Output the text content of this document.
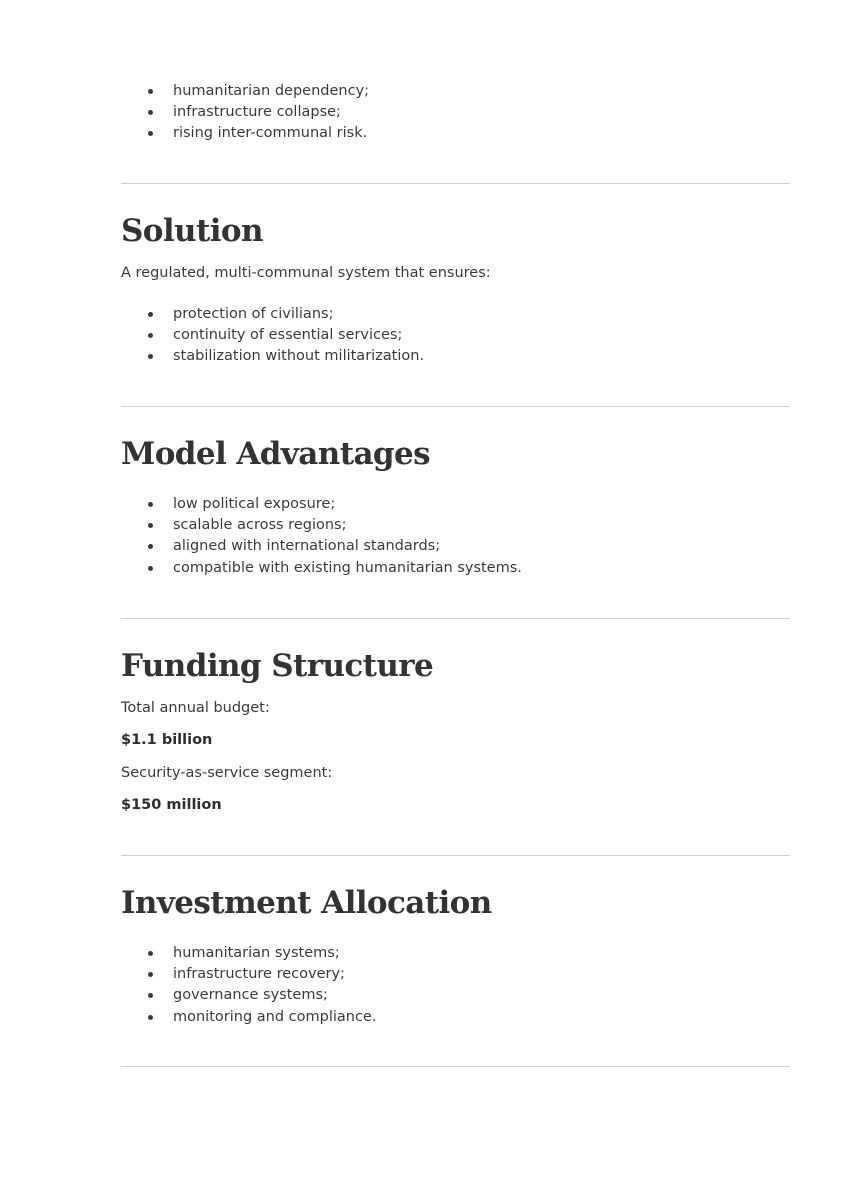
humanitarian dependency;
infrastructure collapse;
rising inter-communal risk.
Solution

A regulated, multi-communal system that ensures:

protection of civilians;
continuity of essential services;
stabilization without militarization.
Model Advantages
low political exposure;
scalable across regions;
aligned with international standards;
compatible with existing humanitarian systems.
Funding Structure

Total annual budget:

$1.1 billion

Security-as-service segment:

$150 million

Investment Allocation
humanitarian systems;
infrastructure recovery;
governance systems;
monitoring and compliance.
